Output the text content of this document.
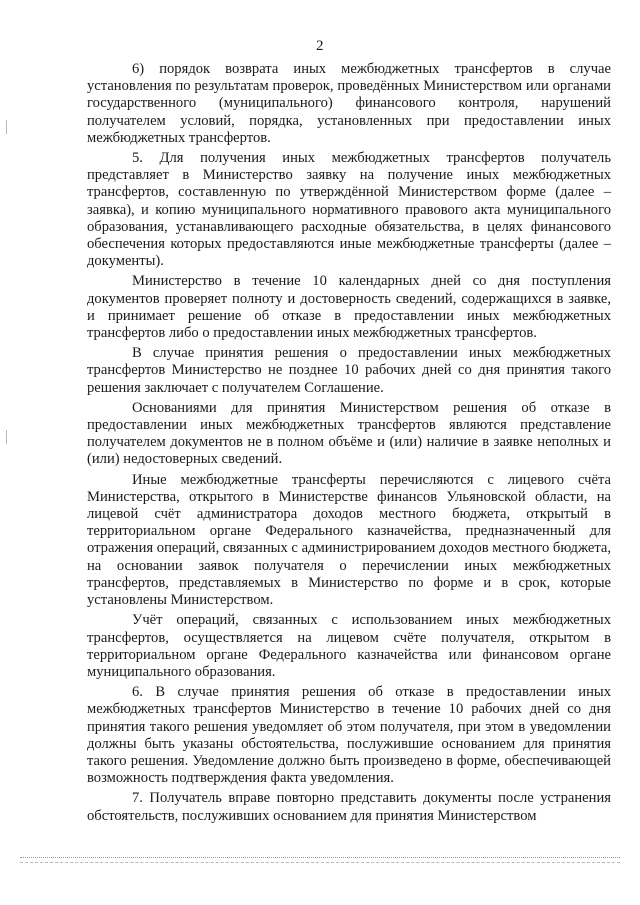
2

6) порядок возврата иных межбюджетных трансфертов в случае установления по результатам проверок, проведённых Министерством или органами государственного (муниципального) финансового контроля, нарушений получателем условий, порядка, установленных при предоставлении иных межбюджетных трансфертов.

5. Для получения иных межбюджетных трансфертов получатель представляет в Министерство заявку на получение иных межбюджетных трансфертов, составленную по утверждённой Министерством форме (далее – заявка), и копию муниципального нормативного правового акта муниципального образования, устанавливающего расходные обязательства, в целях финансового обеспечения которых предоставляются иные межбюджетные трансферты (далее – документы).

Министерство в течение 10 календарных дней со дня поступления документов проверяет полноту и достоверность сведений, содержащихся в заявке, и принимает решение об отказе в предоставлении иных межбюджетных трансфертов либо о предоставлении иных межбюджетных трансфертов.

В случае принятия решения о предоставлении иных межбюджетных трансфертов Министерство не позднее 10 рабочих дней со дня принятия такого решения заключает с получателем Соглашение.

Основаниями для принятия Министерством решения об отказе в предоставлении иных межбюджетных трансфертов являются представление получателем документов не в полном объёме и (или) наличие в заявке неполных и (или) недостоверных сведений.

Иные межбюджетные трансферты перечисляются с лицевого счёта Министерства, открытого в Министерстве финансов Ульяновской области, на лицевой счёт администратора доходов местного бюджета, открытый в территориальном органе Федерального казначейства, предназначенный для отражения операций, связанных с администрированием доходов местного бюджета, на основании заявок получателя о перечислении иных межбюджетных трансфертов, представляемых в Министерство по форме и в срок, которые установлены Министерством.

Учёт операций, связанных с использованием иных межбюджетных трансфертов, осуществляется на лицевом счёте получателя, открытом в территориальном органе Федерального казначейства или финансовом органе муниципального образования.

6. В случае принятия решения об отказе в предоставлении иных межбюджетных трансфертов Министерство в течение 10 рабочих дней со дня принятия такого решения уведомляет об этом получателя, при этом в уведомлении должны быть указаны обстоятельства, послужившие основанием для принятия такого решения. Уведомление должно быть произведено в форме, обеспечивающей возможность подтверждения факта уведомления.

7. Получатель вправе повторно представить документы после устранения обстоятельств, послуживших основанием для принятия Министерством
